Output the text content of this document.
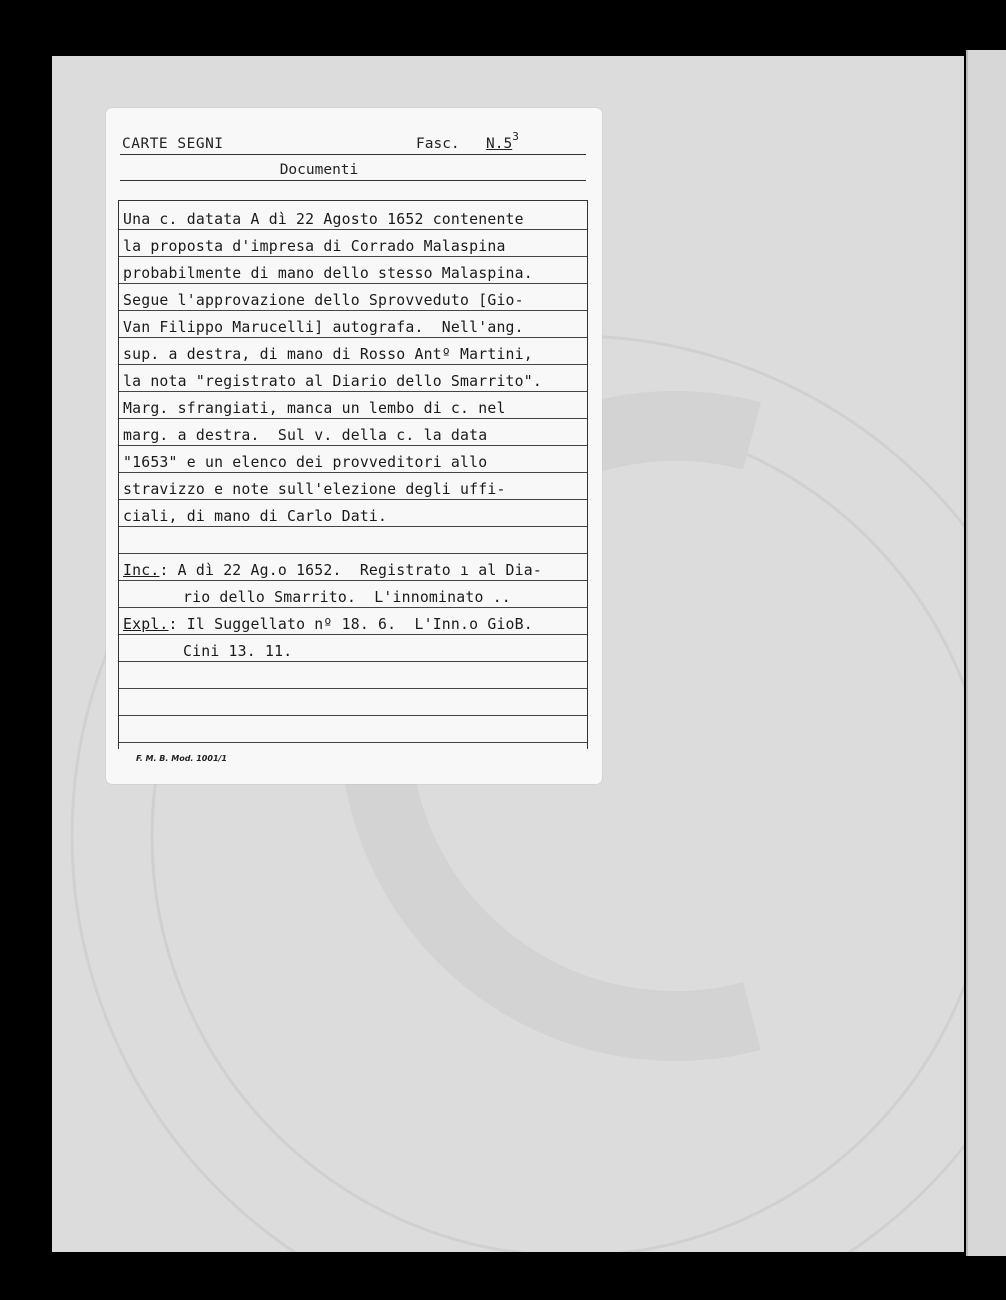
CARTE SEGNI	Fasc. $N.5^3$
Documenti
Una c. datata A dì 22 Agosto 1652 contenente
la proposta d'impresa di Corrado Malaspina
probabilmente di mano dello stesso Malaspina.
Segue l'approvazione dello Sprovveduto [Gio-
Van Filippo Marucelli] autografa.  Nell'ang.
sup. a destra, di mano di Rosso Antº Martini,
la nota "registrato al Diario dello Smarrito".
Marg. sfrangiati, manca un lembo di c. nel
marg. a destra.  Sul v. della c. la data
"1653" e un elenco dei provveditori allo
stravizzo e note sull'elezione degli uffi-
ciali, di mano di Carlo Dati.
Inc.: A dì 22 Ag.o 1652.  Registrato ı al Dia-
rio dello Smarrito.  L'innominato ..
Expl.: Il Suggellato nº 18. 6.  L'Inn.o GioB.
Cini 13. 11.
F. M. B. Mod. 1001/1
